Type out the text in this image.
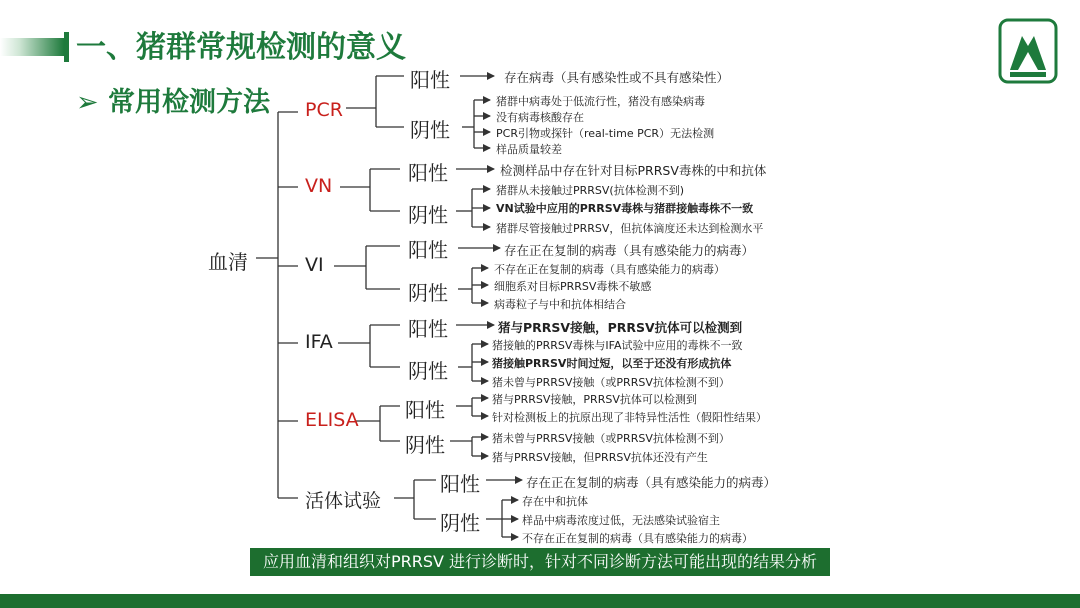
一、猪群常规检测的意义
➢ 常用检测方法
血清
PCR
VN
VI
IFA
ELISA
活体试验
阳性
阴性
阳性
阴性
阳性
阴性
阳性
阴性
阳性
阴性
阳性
阴性
存在病毒（具有感染性或不具有感染性）
猪群中病毒处于低流行性，猪没有感染病毒
没有病毒核酸存在
PCR引物或探针（real-time PCR）无法检测
样品质量较差
检测样品中存在针对目标PRRSV毒株的中和抗体
猪群从未接触过PRRSV(抗体检测不到)
VN试验中应用的PRRSV毒株与猪群接触毒株不一致
猪群尽管接触过PRRSV，但抗体滴度还未达到检测水平
存在正在复制的病毒（具有感染能力的病毒）
不存在正在复制的病毒（具有感染能力的病毒）
细胞系对目标PRRSV毒株不敏感
病毒粒子与中和抗体相结合
猪与PRRSV接触，PRRSV抗体可以检测到
猪接触的PRRSV毒株与IFA试验中应用的毒株不一致
猪接触PRRSV时间过短，以至于还没有形成抗体
猪未曾与PRRSV接触（或PRRSV抗体检测不到）
猪与PRRSV接触，PRRSV抗体可以检测到
针对检测板上的抗原出现了非特异性活性（假阳性结果）
猪未曾与PRRSV接触（或PRRSV抗体检测不到）
猪与PRRSV接触，但PRRSV抗体还没有产生
存在正在复制的病毒（具有感染能力的病毒）
存在中和抗体
样品中病毒浓度过低，无法感染试验宿主
不存在正在复制的病毒（具有感染能力的病毒）
应用血清和组织对PRRSV 进行诊断时，针对不同诊断方法可能出现的结果分析
